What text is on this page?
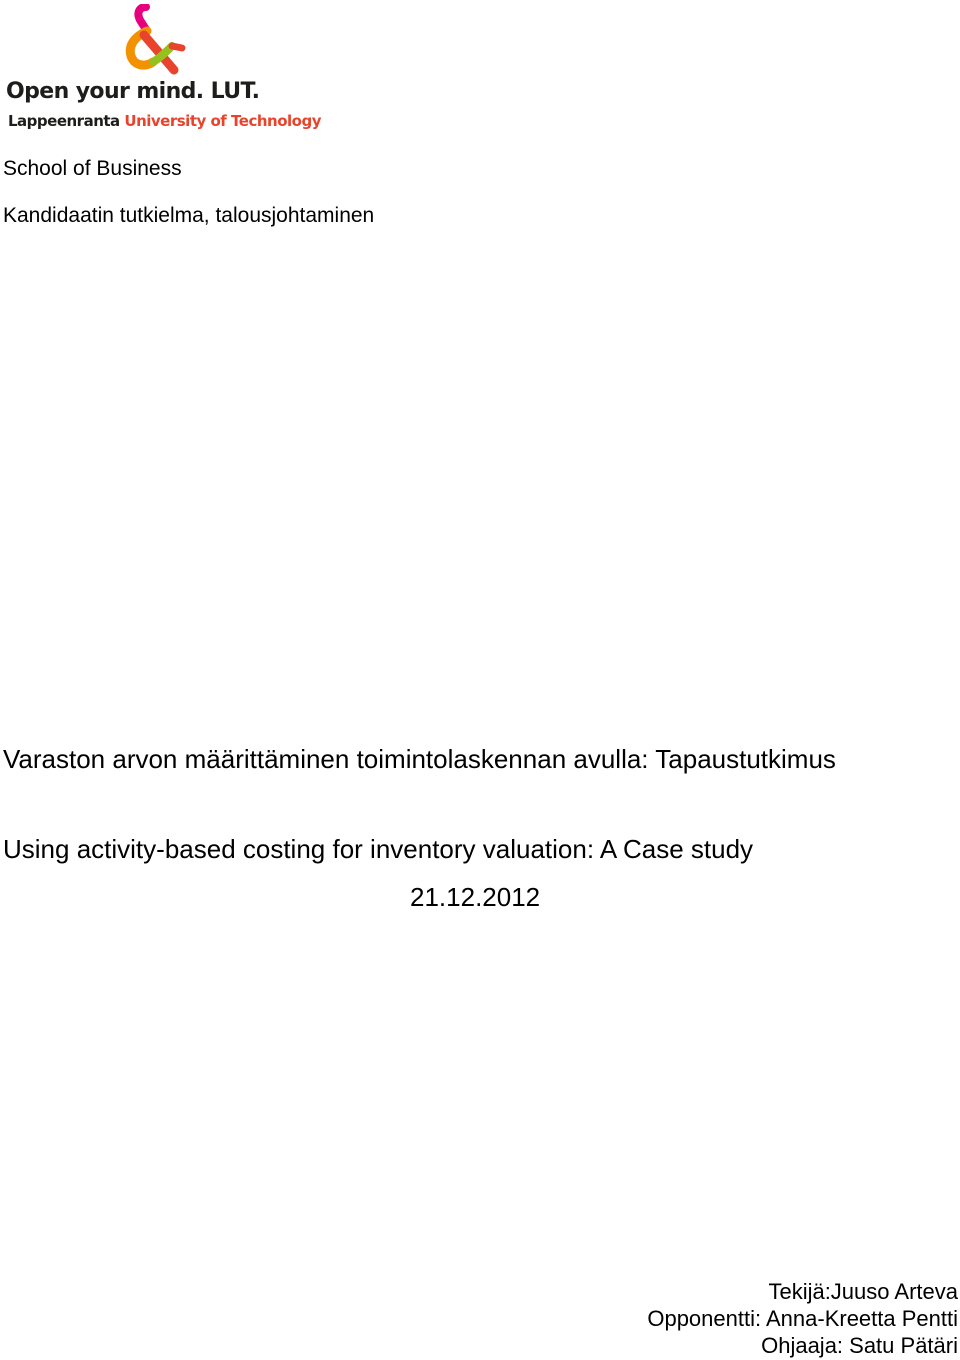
Open your mind. LUT.
Lappeenranta University of Technology
School of Business
Kandidaatin tutkielma, talousjohtaminen
Varaston arvon määrittäminen toimintolaskennan avulla: Tapaustutkimus
Using activity-based costing for inventory valuation: A Case study
21.12.2012
Tekijä:Juuso Arteva
Opponentti: Anna-Kreetta Pentti
Ohjaaja: Satu Pätäri
